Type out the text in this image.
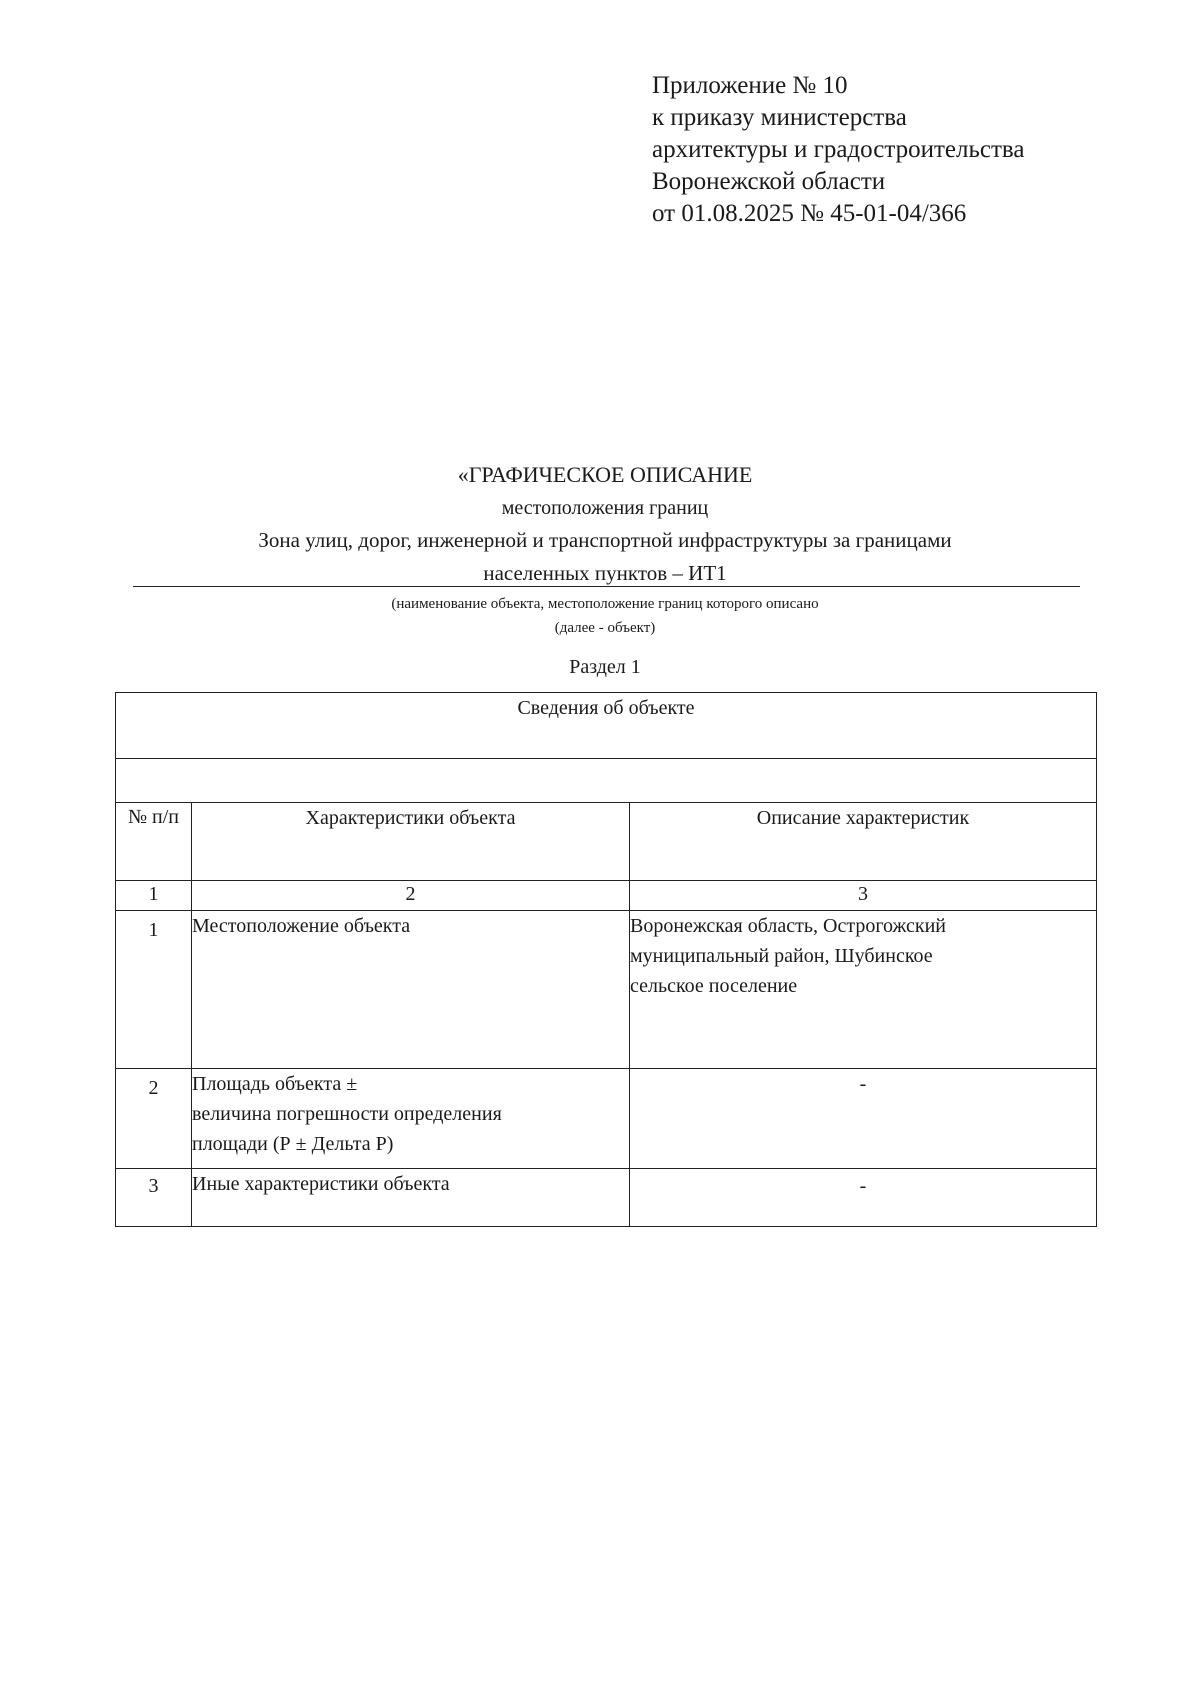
Приложение № 10
к приказу министерства
архитектуры и градостроительства
Воронежской области
от 01.08.2025 № 45-01-04/366
«ГРАФИЧЕСКОЕ ОПИСАНИЕ
местоположения границ
Зона улиц, дорог, инженерной и транспортной инфраструктуры за границами
населенных пунктов – ИТ1
(наименование объекта, местоположение границ которого описано
(далее - объект)
Раздел 1
Сведения об объекте		

№ п/п	Характеристики объекта	Описание характеристик
1	2	3
1	Местоположение объекта	Воронежская область, Острогожский
муниципальный район, Шубинское
сельское поселение

2	Площадь объекта ±
величина погрешности определения
площади (Р ± Дельта Р)	-
3	Иные характеристики объекта	-
